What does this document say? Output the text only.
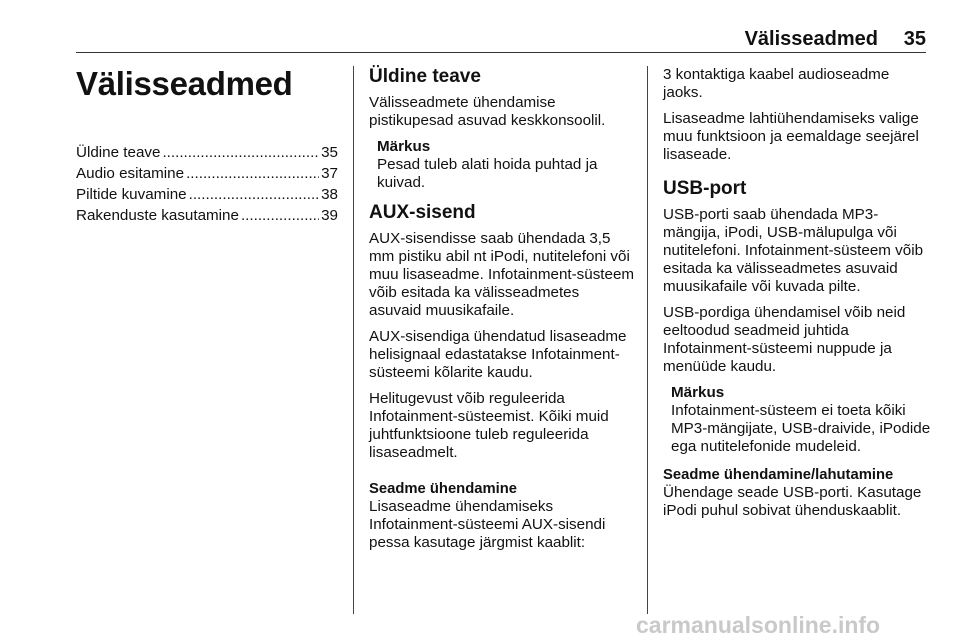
Välisseadmed 35
Välisseadmed
Üldine teave .....	35
Audio esitamine .....	37
Piltide kuvamine .....	38
Rakenduste kasutamine .....	39
Üldine teave

Välisseadmete ühendamise pistikupesad asuvad keskkonsoolil.

Märkus
Pesad tuleb alati hoida puhtad ja kuivad.
AUX-sisend

AUX-sisendisse saab ühendada 3,5 mm pistiku abil nt iPodi, nutitelefoni või muu lisaseadme. Infotainment-süsteem võib esitada ka välisseadmetes asuvaid muusikafaile.

AUX-sisendiga ühendatud lisaseadme helisignaal edastatakse Infotainment-süsteemi kõlarite kaudu.

Helitugevust võib reguleerida Infotainment-süsteemist. Kõiki muid juhtfunktsioone tuleb reguleerida lisaseadmelt.

Seadme ühendamine

Lisaseadme ühendamiseks Infotainment-süsteemi AUX-sisendi pessa kasutage järgmist kaablit:

3 kontaktiga kaabel audioseadme jaoks.

Lisaseadme lahtiühendamiseks valige muu funktsioon ja eemaldage seejärel lisaseade.

USB-port

USB-porti saab ühendada MP3-mängija, iPodi, USB-mälupulga või nutitelefoni. Infotainment-süsteem võib esitada ka välisseadmetes asuvaid muusikafaile või kuvada pilte.

USB-pordiga ühendamisel võib neid eeltoodud seadmeid juhtida Infotainment-süsteemi nuppude ja menüüde kaudu.

Märkus
Infotainment-süsteem ei toeta kõiki MP3-mängijate, USB-draivide, iPodide ega nutitelefonide mudeleid.
Seadme ühendamine/lahutamine

Ühendage seade USB-porti. Kasutage iPodi puhul sobivat ühenduskaablit.

carmanualsonline.info
